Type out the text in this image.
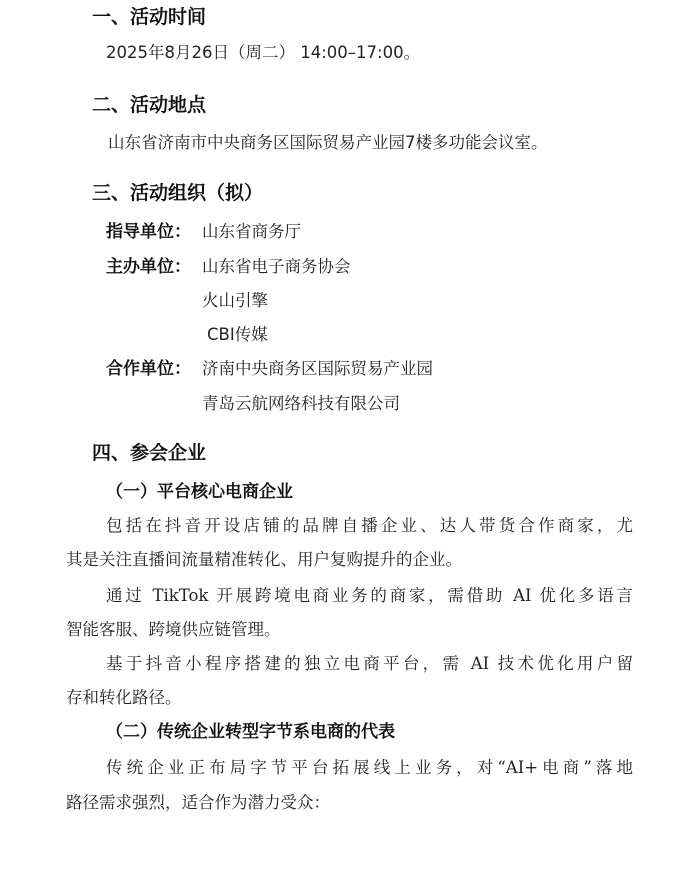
一、活动时间
2025年8月26日（周二） 14:00–17:00。
二、活动地点
山东省济南市中央商务区国际贸易产业园7楼多功能会议室。
三、活动组织（拟）
指导单位： 山东省商务厅
主办单位： 山东省电子商务协会
火山引擎
CBI传媒
合作单位： 济南中央商务区国际贸易产业园
青岛云航网络科技有限公司
四、参会企业
（一）平台核心电商企业
包括在抖音开设店铺的品牌自播企业、达人带货合作商家，尤
其是关注直播间流量精准转化、用户复购提升的企业。
通过 TikTok 开展跨境电商业务的商家，需借助 AI 优化多语言
智能客服、跨境供应链管理。
基于抖音小程序搭建的独立电商平台，需 AI 技术优化用户留
存和转化路径。
（二）传统企业转型字节系电商的代表
传统企业正布局字节平台拓展线上业务，对“AI+电商”落地
路径需求强烈，适合作为潜力受众：
